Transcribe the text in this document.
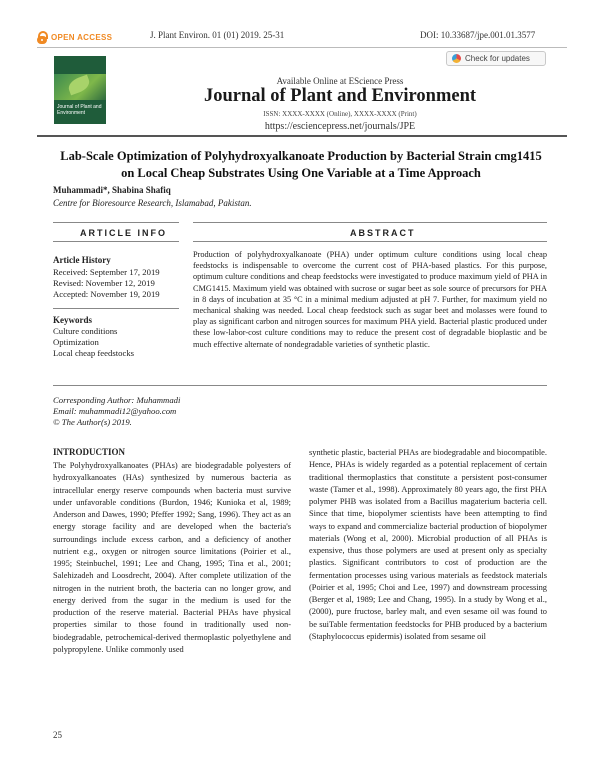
OPEN ACCESS	J. Plant Environ. 01 (01) 2019. 25-31	DOI: 10.33687/jpe.001.01.3577
Journal of Plant and Environment
Check for updates
Available Online at EScience Press
Journal of Plant and Environment
ISSN: XXXX-XXXX (Online), XXXX-XXXX (Print)
https://esciencepress.net/journals/JPE
Lab-Scale Optimization of Polyhydroxyalkanoate Production by Bacterial Strain cmg1415 on Local Cheap Substrates Using One Variable at a Time Approach
Muhammadi*, Shabina Shafiq
Centre for Bioresource Research, Islamabad, Pakistan.
ARTICLE INFO	ABSTRACT
Article History
Received: September 17, 2019
Revised: November 12, 2019
Accepted: November 19, 2019
Keywords
Culture conditions
Optimization
Local cheap feedstocks
Production of polyhydroxyalkanoate (PHA) under optimum culture conditions using local cheap feedstocks is indispensable to overcome the current cost of PHA-based plastics. For this purpose, optimum culture conditions and cheap feedstocks were investigated to produce maximum yield of PHA in CMG1415. Maximum yield was obtained with sucrose or sugar beet as sole source of precursors for PHA in 8 days of incubation at 35 °C in a minimal medium adjusted at pH 7. Further, for maximum yield no mechanical shaking was needed. Local cheap feedstock such as sugar beet and molasses were found to play as significant carbon and nitrogen sources for maximum PHA yield. Bacterial plastic produced under these low-labor-cost culture conditions may to reduce the present cost of degradable bioplastic and be much effective alternate of nondegradable varieties of synthetic plastic.
Corresponding Author: Muhammadi
Email: muhammadi12@yahoo.com
© The Author(s) 2019.
INTRODUCTION
The Polyhydroxyalkanoates (PHAs) are biodegradable polyesters of hydroxyalkanoates (HAs) synthesized by numerous bacteria as intracellular energy reserve compounds when bacteria must survive under unfavorable conditions (Burdon, 1946; Kunioka et al, 1989; Anderson and Dawes, 1990; Pfeffer 1992; Sang, 1996). They act as an energy storage facility and are developed when the bacteria's surroundings include excess carbon, and a deficiency of another nutrient e.g., oxygen or nitrogen source limitations (Poirier et al., 1995; Steinbuchel, 1991; Lee and Chang, 1995; Tina et al., 2001; Salehizadeh and Loosdrecht, 2004). After complete utilization of the nitrogen in the nutrient broth, the bacteria can no longer grow, and energy derived from the sugar in the medium is used for the production of the reserve material. Bacterial PHAs have physical properties similar to those found in traditionally used non-biodegradable, petrochemical-derived thermoplastic polyethylene and polypropylene. Unlike commonly used
synthetic plastic, bacterial PHAs are biodegradable and biocompatible. Hence, PHAs is widely regarded as a potential replacement of certain traditional thermoplastics that constitute a persistent post-consumer waste (Tamer et al., 1998). Approximately 80 years ago, the first PHA polymer PHB was isolated from a Bacillus magaterium bacteria cell. Since that time, biopolymer scientists have been attempting to find ways to expand and commercialize bacterial production of biopolymer materials (Wong et al, 2000). Microbial production of all PHAs is expensive, thus those polymers are used at present only as specialty plastics. Significant contributors to cost of production are the fermentation processes using various materials as feedstock materials (Poirier et al, 1995; Choi and Lee, 1997) and downstream processing (Berger et al, 1989; Lee and Chang, 1995). In a study by Wong et al., (2000), pure fructose, barley malt, and even sesame oil was found to be suiTable fermentation feedstocks for PHB produced by a bacterium (Staphylococcus epidermis) isolated from sesame oil
25
